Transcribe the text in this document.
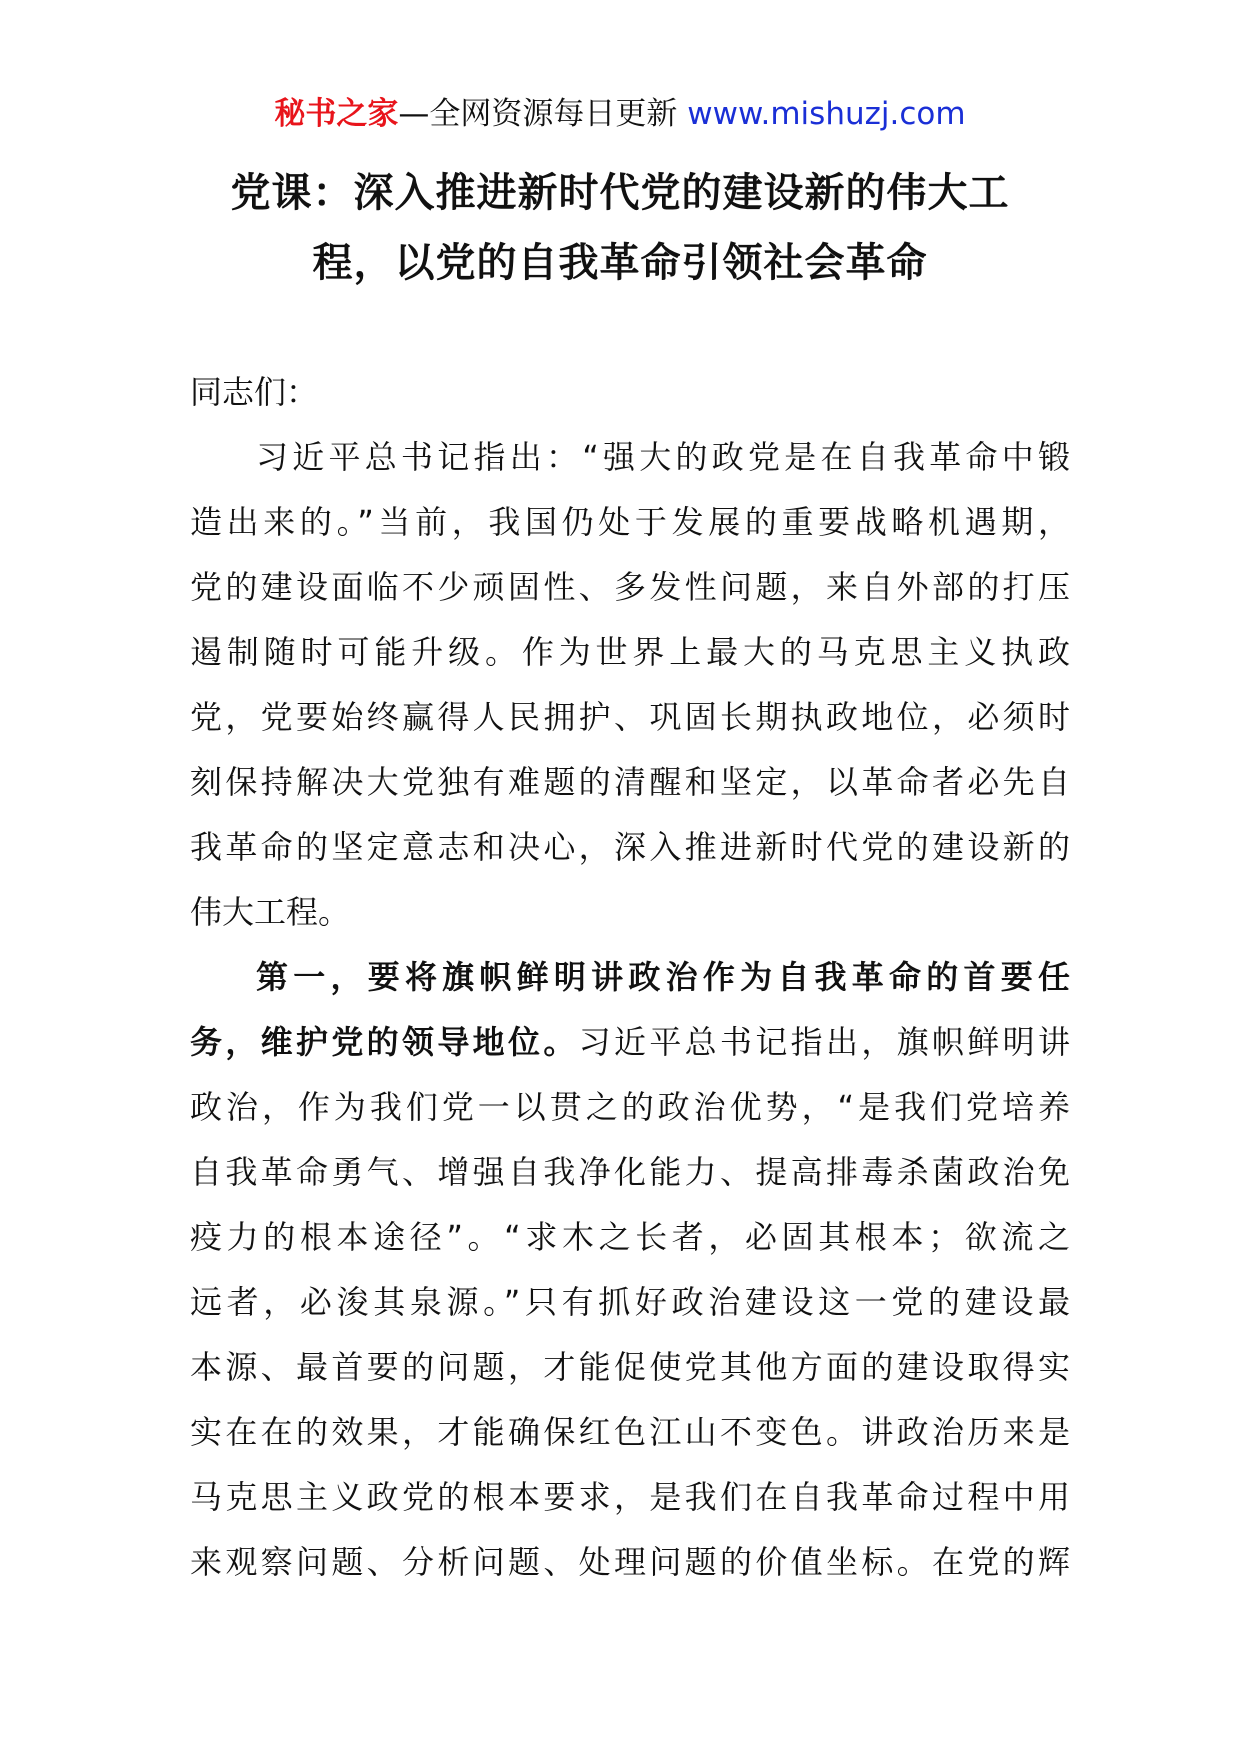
秘书之家—全网资源每日更新 www.mishuzj.com
党课：深入推进新时代党的建设新的伟大工
程，以党的自我革命引领社会革命
同志们：
习近平总书记指出：“强大的政党是在自我革命中锻
造出来的。”当前，我国仍处于发展的重要战略机遇期，
党的建设面临不少顽固性、多发性问题，来自外部的打压
遏制随时可能升级。作为世界上最大的马克思主义执政
党，党要始终赢得人民拥护、巩固长期执政地位，必须时
刻保持解决大党独有难题的清醒和坚定，以革命者必先自
我革命的坚定意志和决心，深入推进新时代党的建设新的
伟大工程。
第一，要将旗帜鲜明讲政治作为自我革命的首要任
务，维护党的领导地位。习近平总书记指出，旗帜鲜明讲
政治，作为我们党一以贯之的政治优势，“是我们党培养
自我革命勇气、增强自我净化能力、提高排毒杀菌政治免
疫力的根本途径”。“求木之长者，必固其根本；欲流之
远者，必浚其泉源。”只有抓好政治建设这一党的建设最
本源、最首要的问题，才能促使党其他方面的建设取得实
实在在的效果，才能确保红色江山不变色。讲政治历来是
马克思主义政党的根本要求，是我们在自我革命过程中用
来观察问题、分析问题、处理问题的价值坐标。在党的辉
